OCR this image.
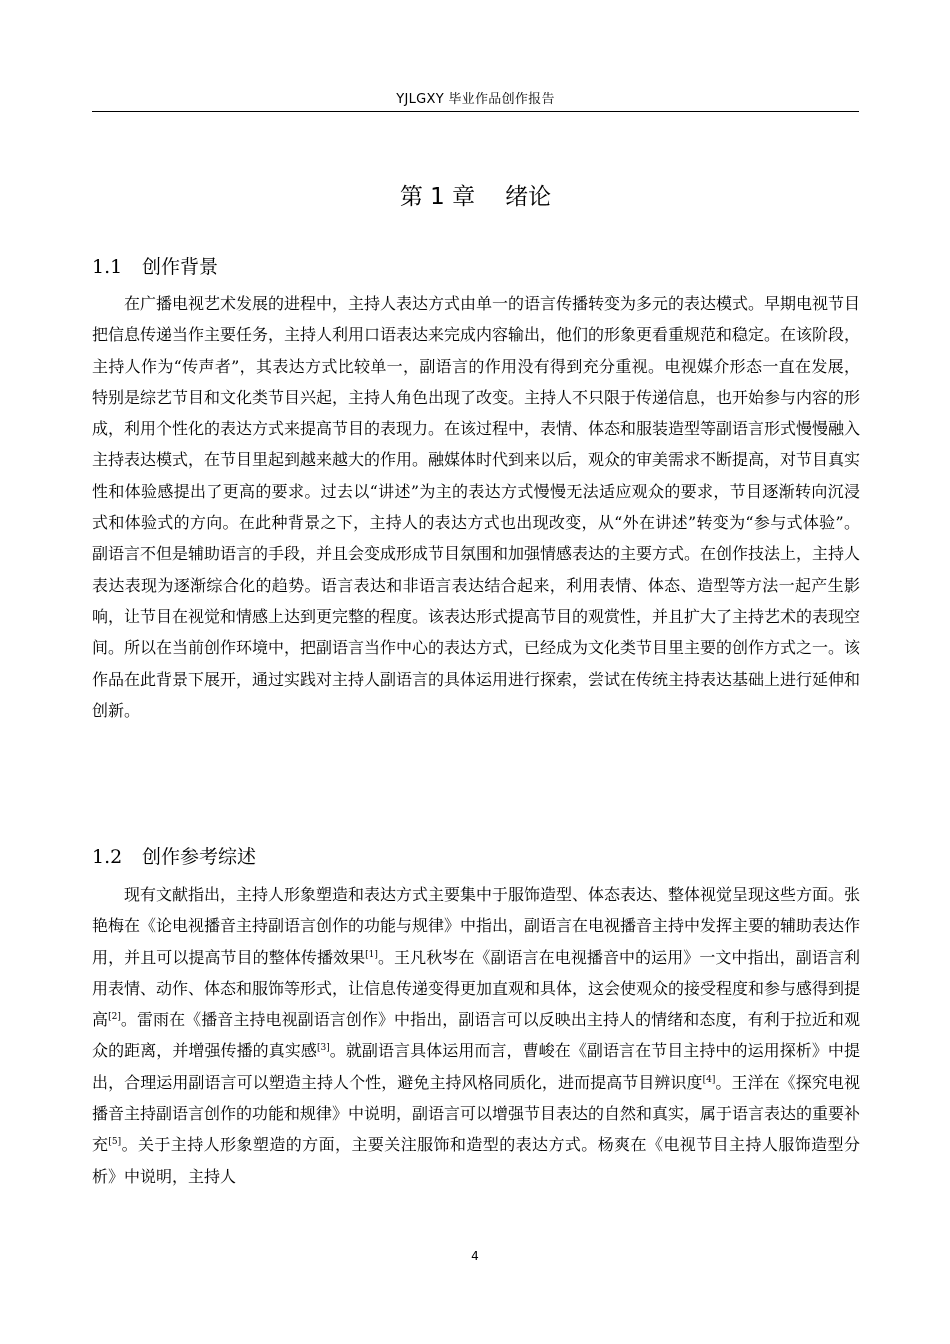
YJLGXY 毕业作品创作报告
第 1 章 绪论
1.1 创作背景

在广播电视艺术发展的进程中，主持人表达方式由单一的语言传播转变为多元的表达模式。早期电视节目把信息传递当作主要任务，主持人利用口语表达来完成内容输出，他们的形象更看重规范和稳定。在该阶段，主持人作为“传声者”，其表达方式比较单一，副语言的作用没有得到充分重视。电视媒介形态一直在发展，特别是综艺节目和文化类节目兴起，主持人角色出现了改变。主持人不只限于传递信息，也开始参与内容的形成，利用个性化的表达方式来提高节目的表现力。在该过程中，表情、体态和服装造型等副语言形式慢慢融入主持表达模式，在节目里起到越来越大的作用。融媒体时代到来以后，观众的审美需求不断提高，对节目真实性和体验感提出了更高的要求。过去以“讲述”为主的表达方式慢慢无法适应观众的要求，节目逐渐转向沉浸式和体验式的方向。在此种背景之下，主持人的表达方式也出现改变，从“外在讲述”转变为“参与式体验”。副语言不但是辅助语言的手段，并且会变成形成节目氛围和加强情感表达的主要方式。在创作技法上，主持人表达表现为逐渐综合化的趋势。语言表达和非语言表达结合起来，利用表情、体态、造型等方法一起产生影响，让节目在视觉和情感上达到更完整的程度。该表达形式提高节目的观赏性，并且扩大了主持艺术的表现空间。所以在当前创作环境中，把副语言当作中心的表达方式，已经成为文化类节目里主要的创作方式之一。该作品在此背景下展开，通过实践对主持人副语言的具体运用进行探索，尝试在传统主持表达基础上进行延伸和创新。

1.2 创作参考综述

现有文献指出，主持人形象塑造和表达方式主要集中于服饰造型、体态表达、整体视觉呈现这些方面。张艳梅在《论电视播音主持副语言创作的功能与规律》中指出，副语言在电视播音主持中发挥主要的辅助表达作用，并且可以提高节目的整体传播效果[1]。王凡秋岑在《副语言在电视播音中的运用》一文中指出，副语言利用表情、动作、体态和服饰等形式，让信息传递变得更加直观和具体，这会使观众的接受程度和参与感得到提高[2]。雷雨在《播音主持电视副语言创作》中指出，副语言可以反映出主持人的情绪和态度，有利于拉近和观众的距离，并增强传播的真实感[3]。就副语言具体运用而言，曹峻在《副语言在节目主持中的运用探析》中提出，合理运用副语言可以塑造主持人个性，避免主持风格同质化，进而提高节目辨识度[4]。王洋在《探究电视播音主持副语言创作的功能和规律》中说明，副语言可以增强节目表达的自然和真实，属于语言表达的重要补充[5]。关于主持人形象塑造的方面，主要关注服饰和造型的表达方式。杨爽在《电视节目主持人服饰造型分析》中说明，主持人

4
